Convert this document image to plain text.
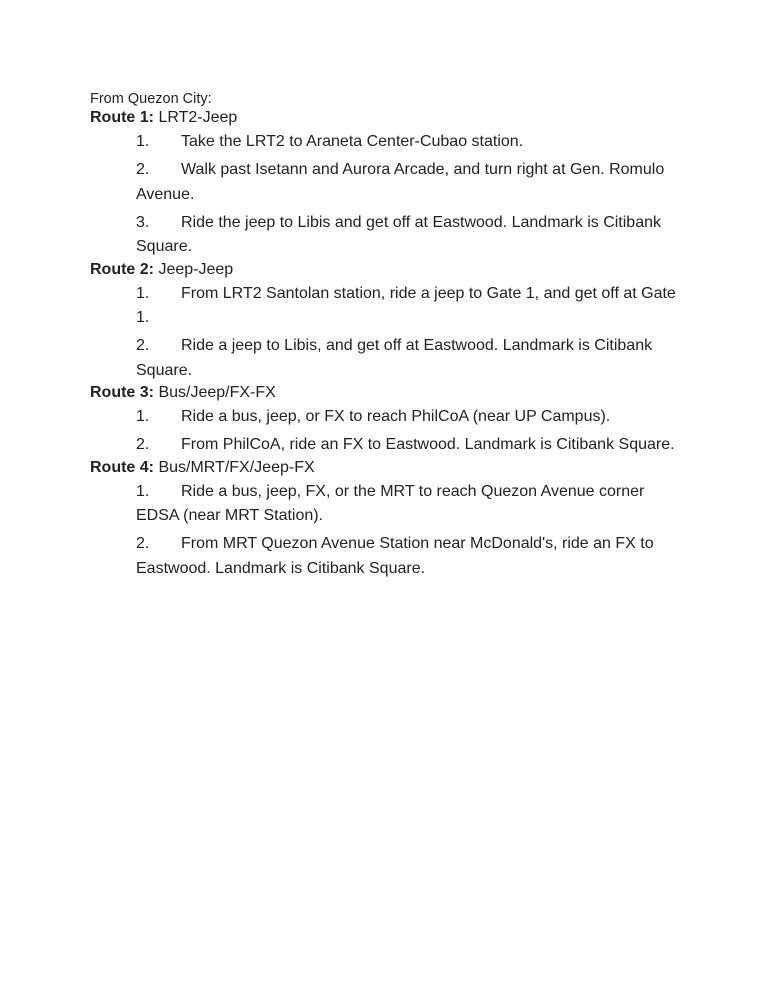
From Quezon City:

Route 1: LRT2-Jeep

1. Take the LRT2 to Araneta Center-Cubao station.
2. Walk past Isetann and Aurora Arcade, and turn right at Gen. Romulo Avenue.
3. Ride the jeep to Libis and get off at Eastwood. Landmark is Citibank Square.

Route 2: Jeep-Jeep

1. From LRT2 Santolan station, ride a jeep to Gate 1, and get off at Gate 1.
2. Ride a jeep to Libis, and get off at Eastwood. Landmark is Citibank Square.

Route 3: Bus/Jeep/FX-FX

1. Ride a bus, jeep, or FX to reach PhilCoA (near UP Campus).
2. From PhilCoA, ride an FX to Eastwood. Landmark is Citibank Square.

Route 4: Bus/MRT/FX/Jeep-FX

1. Ride a bus, jeep, FX, or the MRT to reach Quezon Avenue corner EDSA (near MRT Station).
2. From MRT Quezon Avenue Station near McDonald's, ride an FX to Eastwood. Landmark is Citibank Square.
